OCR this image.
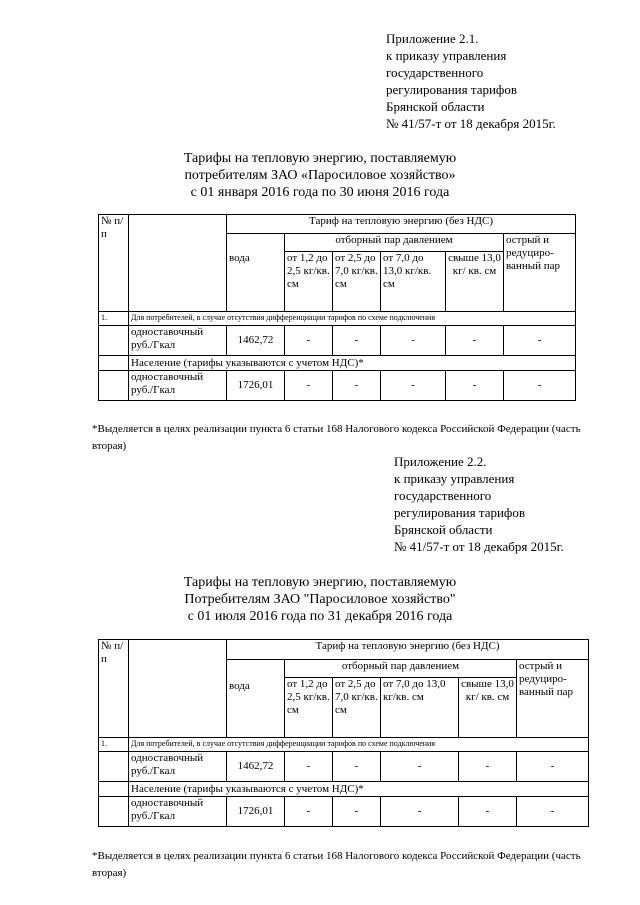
Приложение 2.1.
к приказу управления
государственного
регулирования тарифов
Брянской области
№ 41/57-т от 18 декабря 2015г.
Тарифы на тепловую энергию, поставляемую
потребителям ЗАО «Паросиловое хозяйство»
с 01 января 2016 года по 30 июня 2016 года
№ п/п		Тариф на тепловую энергию (без НДС)					
		вода	отборный пар давлением				острый и редуциро-ванный пар
			от 1,2 до 2,5 кг/кв. см	от 2,5 до 7,0 кг/кв. см	от 7,0 до 13,0 кг/кв. см	свыше 13,0 кг/ кв. см	
1.	Для потребителей, в случае отсутствия дифференциации тарифов по схеме подключения						
	одноставочный руб./Гкал	1462,72	-	-	-	-	-
	Население (тарифы указываются с учетом НДС)*						
	одноставочный руб./Гкал	1726,01	-	-	-	-	-
*Выделяется в целях реализации пункта 6 статьи 168 Налогового кодекса Российской Федерации (часть вторая)
Приложение 2.2.
к приказу управления
государственного
регулирования тарифов
Брянской области
№ 41/57-т от 18 декабря 2015г.
Тарифы на тепловую энергию, поставляемую
Потребителям ЗАО "Паросиловое хозяйство"
с 01 июля 2016 года по 31 декабря 2016 года
№ п/п		Тариф на тепловую энергию (без НДС)					
		вода	отборный пар давлением				острый и редуциро-ванный пар
			от 1,2 до 2,5 кг/кв. см	от 2,5 до 7,0 кг/кв. см	от 7,0 до 13,0 кг/кв. см	свыше 13,0 кг/ кв. см	
1.	Для потребителей, в случае отсутствия дифференциации тарифов по схеме подключения						
	одноставочный руб./Гкал	1462,72	-	-	-	-	-
	Население (тарифы указываются с учетом НДС)*						
	одноставочный руб./Гкал	1726,01	-	-	-	-	-
*Выделяется в целях реализации пункта 6 статьи 168 Налогового кодекса Российской Федерации (часть вторая)
